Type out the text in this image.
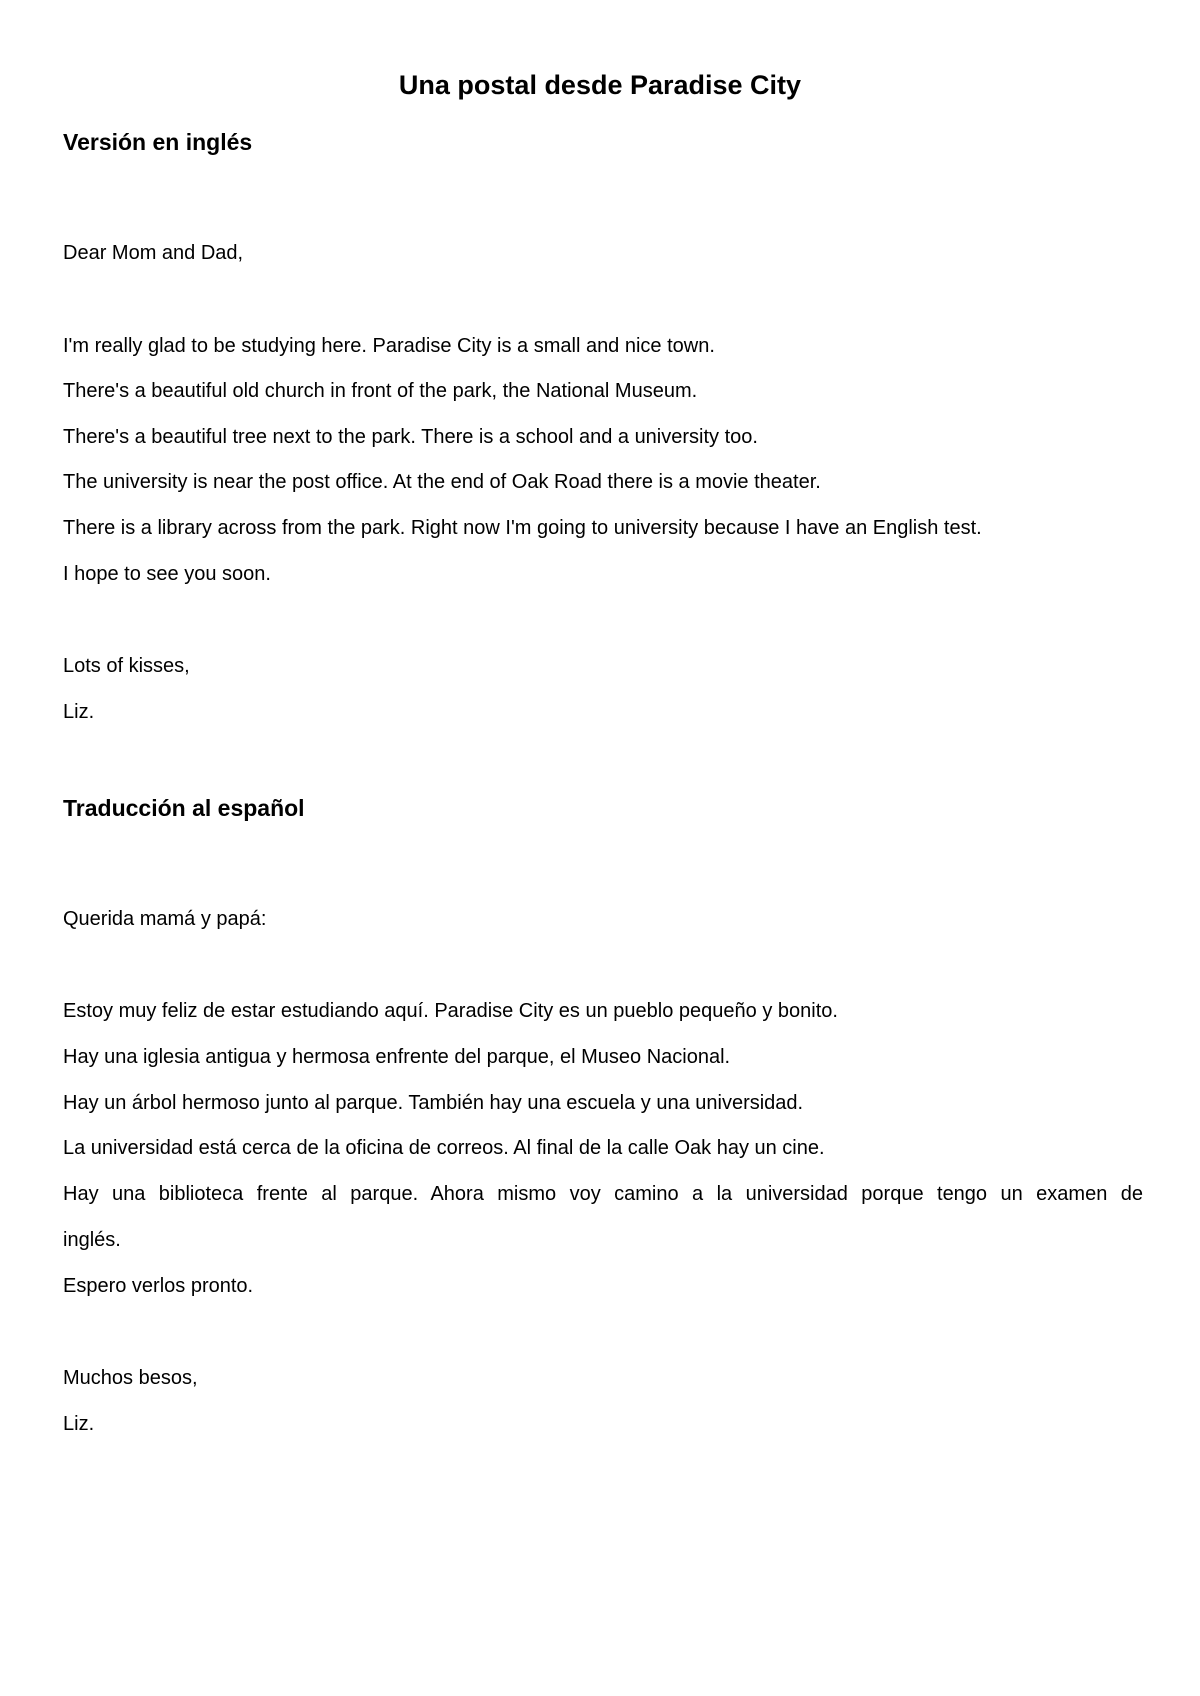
Una postal desde Paradise City
Versión en inglés

Dear Mom and Dad,

I'm really glad to be studying here. Paradise City is a small and nice town.

There's a beautiful old church in front of the park, the National Museum.

There's a beautiful tree next to the park. There is a school and a university too.

The university is near the post office. At the end of Oak Road there is a movie theater.

There is a library across from the park. Right now I'm going to university because I have an English test.

I hope to see you soon.

Lots of kisses,

Liz.

Traducción al español

Querida mamá y papá:

Estoy muy feliz de estar estudiando aquí. Paradise City es un pueblo pequeño y bonito.

Hay una iglesia antigua y hermosa enfrente del parque, el Museo Nacional.

Hay un árbol hermoso junto al parque. También hay una escuela y una universidad.

La universidad está cerca de la oficina de correos. Al final de la calle Oak hay un cine.

Hay una biblioteca frente al parque. Ahora mismo voy camino a la universidad porque tengo un examen de

inglés.

Espero verlos pronto.

Muchos besos,

Liz.
